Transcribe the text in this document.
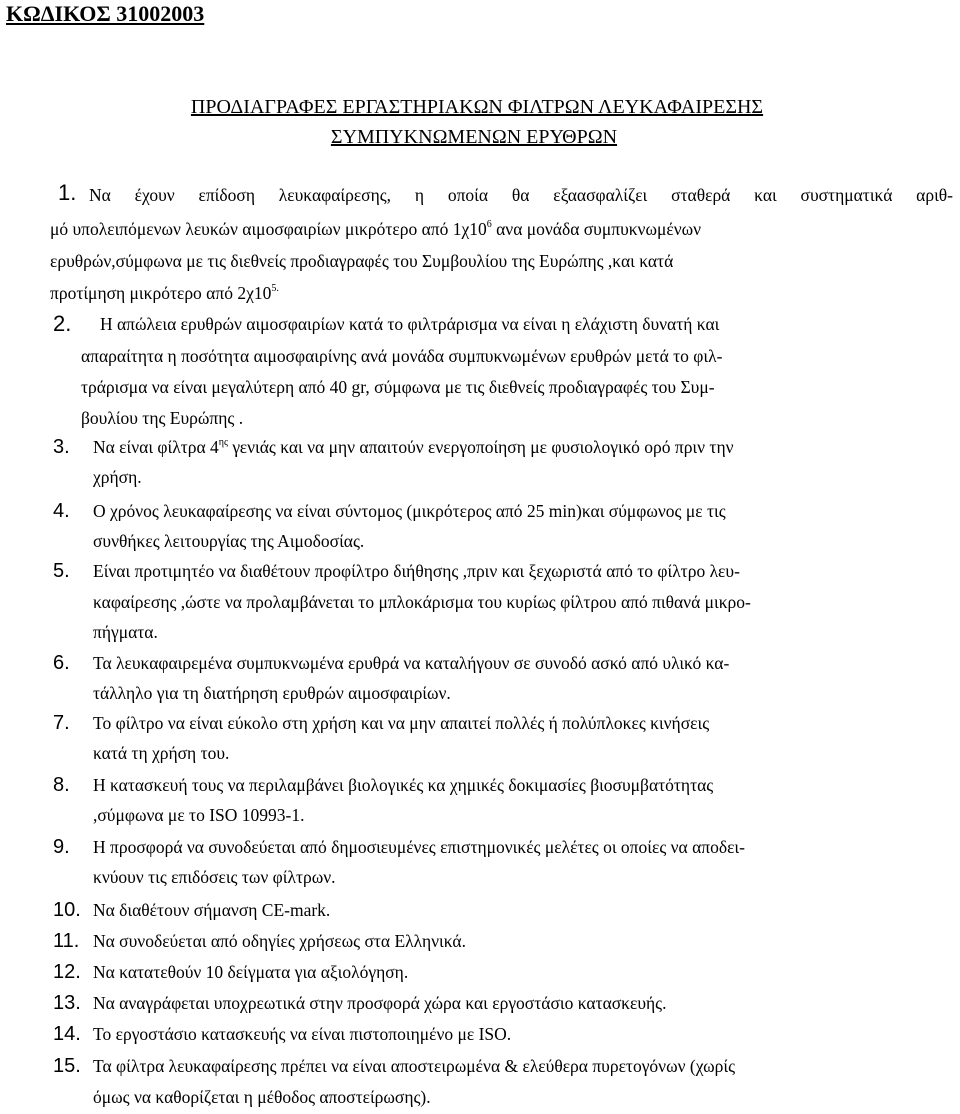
ΚΩΔΙΚΟΣ 31002003
ΠΡΟΔΙΑΓΡΑΦΕΣ ΕΡΓΑΣΤΗΡΙΑΚΩΝ ΦΙΛΤΡΩΝ ΛΕΥΚΑΦΑΙΡΕΣΗΣ
ΣΥΜΠΥΚΝΩΜΕΝΩΝ ΕΡΥΘΡΩΝ
1. Να έχουν επίδοση λευκαφαίρεσης, η οποία θα εξαασφαλίζει σταθερά και συστηματικά αριθ-
μό υπολειπόμενων λευκών αιμοσφαιρίων μικρότερο από $1\chi 10^6$ ανα μονάδα συμπυκνωμένων
ερυθρών,σύμφωνα με τις διεθνείς προδιαγραφές του Συμβουλίου της Ευρώπης ,και κατά
προτίμηση μικρότερο από $2\chi 10^{5.}$
2. Η απώλεια ερυθρών αιμοσφαιρίων κατά το φιλτράρισμα να είναι η ελάχιστη δυνατή και
απαραίτητα η ποσότητα αιμοσφαιρίνης ανά μονάδα συμπυκνωμένων ερυθρών μετά το φιλ-
τράρισμα να είναι μεγαλύτερη από 40 gr, σύμφωνα με τις διεθνείς προδιαγραφές του Συμ-
βουλίου της Ευρώπης .
3. Να είναι φίλτρα $4^{\eta\varsigma}$ γενιάς και να μην απαιτούν ενεργοποίηση με φυσιολογικό ορό πριν την
χρήση.
4. Ο χρόνος λευκαφαίρεσης να είναι σύντομος (μικρότερος από 25 min)και σύμφωνος με τις
συνθήκες λειτουργίας της Αιμοδοσίας.
5. Είναι προτιμητέο να διαθέτουν προφίλτρο διήθησης ,πριν και ξεχωριστά από το φίλτρο λευ-
καφαίρεσης ,ώστε να προλαμβάνεται το μπλοκάρισμα του κυρίως φίλτρου από πιθανά μικρο-
πήγματα.
6. Τα λευκαφαιρεμένα συμπυκνωμένα ερυθρά να καταλήγουν σε συνοδό ασκό από υλικό κα-
τάλληλο για τη διατήρηση ερυθρών αιμοσφαιρίων.
7. Το φίλτρο να είναι εύκολο στη χρήση και να μην απαιτεί πολλές ή πολύπλοκες κινήσεις
κατά τη χρήση του.
8. Η κατασκευή τους να περιλαμβάνει βιολογικές κα χημικές δοκιμασίες βιοσυμβατότητας
,σύμφωνα με το ISO 10993-1.
9. Η προσφορά να συνοδεύεται από δημοσιευμένες επιστημονικές μελέτες οι οποίες να αποδει-
κνύουν τις επιδόσεις των φίλτρων.
10. Να διαθέτουν σήμανση CE-mark.
11. Να συνοδεύεται από οδηγίες χρήσεως στα Ελληνικά.
12. Να κατατεθούν 10 δείγματα για αξιολόγηση.
13. Να αναγράφεται υποχρεωτικά στην προσφορά χώρα και εργοστάσιο κατασκευής.
14. Το εργοστάσιο κατασκευής να είναι πιστοποιημένο με ISO.
15. Τα φίλτρα λευκαφαίρεσης πρέπει να είναι αποστειρωμένα & ελεύθερα πυρετογόνων (χωρίς
όμως να καθορίζεται η μέθοδος αποστείρωσης).
